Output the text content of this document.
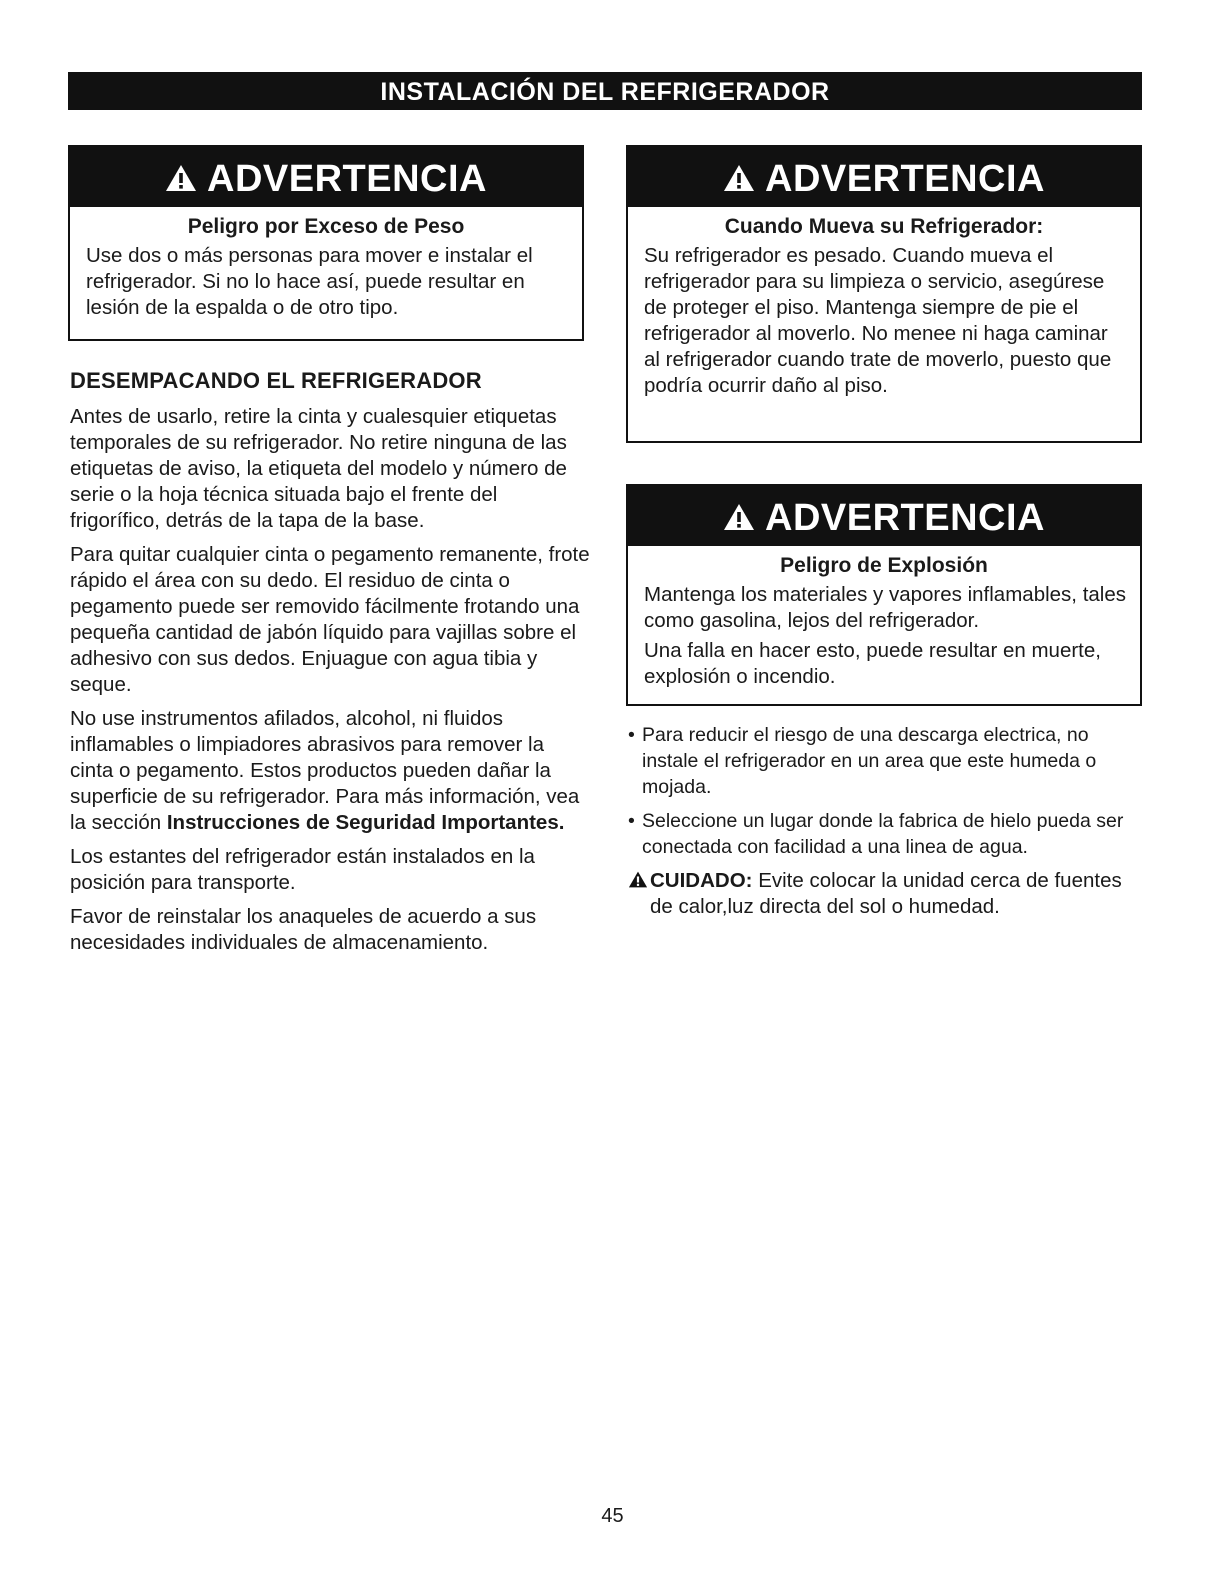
INSTALACIÓN DEL REFRIGERADOR
ADVERTENCIA
Peligro por Exceso de Peso

Use dos o más personas para mover e instalar el refrigerador. Si no lo hace así, puede resultar en lesión de la espalda o de otro tipo.

ADVERTENCIA
Cuando Mueva su Refrigerador:

Su refrigerador es pesado. Cuando mueva el refrigerador para su limpieza o servicio, asegúrese de proteger el piso. Mantenga siempre de pie el refrigerador al moverlo. No menee ni haga caminar al refrigerador cuando trate de moverlo, puesto que podría ocurrir daño al piso.

ADVERTENCIA
Peligro de Explosión

Mantenga los materiales y vapores inflamables, tales como gasolina, lejos del refrigerador.

Una falla en hacer esto, puede resultar en muerte, explosión o incendio.

DESEMPACANDO EL REFRIGERADOR

Antes de usarlo, retire la cinta y cualesquier etiquetas temporales de su refrigerador. No retire ninguna de las etiquetas de aviso, la etiqueta del modelo y número de serie o la hoja técnica situada bajo el frente del frigorífico, detrás de la tapa de la base.

Para quitar cualquier cinta o pegamento remanente, frote rápido el área con su dedo. El residuo de cinta o pegamento puede ser removido fácilmente frotando una pequeña cantidad de jabón líquido para vajillas sobre el adhesivo con sus dedos. Enjuague con agua tibia y seque.

No use instrumentos afilados, alcohol, ni fluidos inflamables o limpiadores abrasivos para remover la cinta o pegamento. Estos productos pueden dañar la superficie de su refrigerador. Para más información, vea la sección Instrucciones de Seguridad Importantes.

Los estantes del refrigerador están instalados en la posición para transporte.

Favor de reinstalar los anaqueles de acuerdo a sus necesidades individuales de almacenamiento.

• Para reducir el riesgo de una descarga electrica, no instale el refrigerador en un area que este humeda o mojada.

• Seleccione un lugar donde la fabrica de hielo pueda ser conectada con facilidad a una linea de agua.

CUIDADO: Evite colocar la unidad cerca de fuentes de calor,luz directa del sol o humedad.

45
